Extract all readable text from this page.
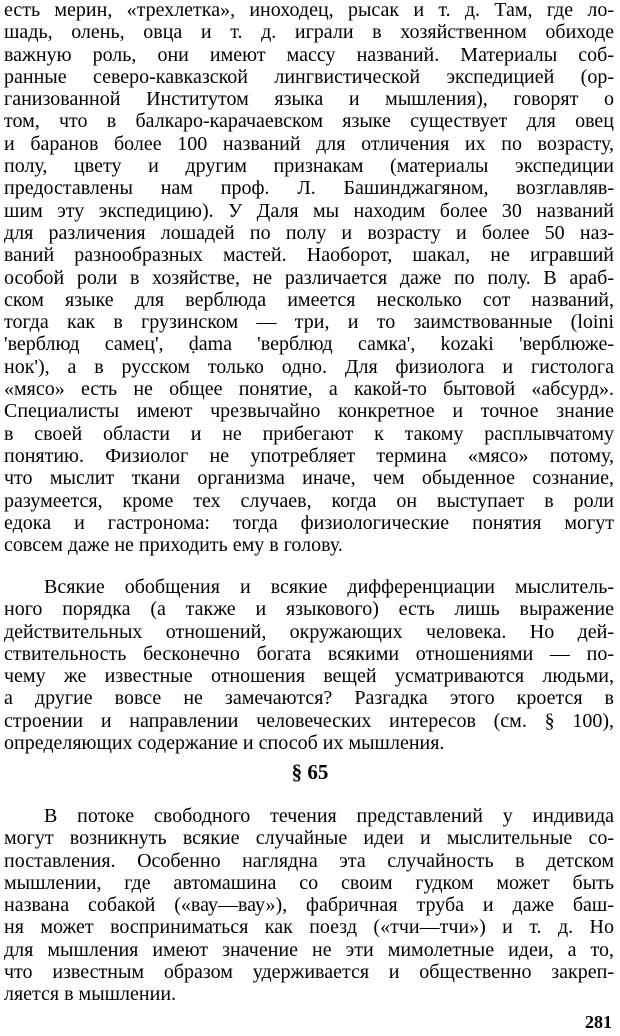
есть мерин, «трехлетка», иноходец, рысак и т. д. Там, где ло-
шадь, олень, овца и т. д. играли в хозяйственном обиходе
важную роль, они имеют массу названий. Материалы соб-
ранные северо-кавказской лингвистической экспедицией (ор-
ганизованной Институтом языка и мышления), говорят о
том, что в балкаро-карачаевском языке существует для овец
и баранов более 100 названий для отличения их по возрасту,
полу, цвету и другим признакам (материалы экспедиции
предоставлены нам проф. Л. Башинджагяном, возглавляв-
шим эту экспедицию). У Даля мы находим более 30 названий
для различения лошадей по полу и возрасту и более 50 наз-
ваний разнообразных мастей. Наоборот, шакал, не игравший
особой роли в хозяйстве, не различается даже по полу. В араб-
ском языке для верблюда имеется несколько сот названий,
тогда как в грузинском — три, и то заимствованные (loini
'верблюд самец', ḍama 'верблюд самка', kozaki 'верблюже-
нок'), а в русском только одно. Для физиолога и гистолога
«мясо» есть не общее понятие, а какой-то бытовой «абсурд».
Специалисты имеют чрезвычайно конкретное и точное знание
в своей области и не прибегают к такому расплывчатому
понятию. Физиолог не употребляет термина «мясо» потому,
что мыслит ткани организма иначе, чем обыденное сознание,
разумеется, кроме тех случаев, когда он выступает в роли
едока и гастронома: тогда физиологические понятия могут
совсем даже не приходить ему в голову.
Всякие обобщения и всякие дифференциации мыслитель-
ного порядка (а также и языкового) есть лишь выражение
действительных отношений, окружающих человека. Но дей-
ствительность бесконечно богата всякими отношениями — по-
чему же известные отношения вещей усматриваются людьми,
а другие вовсе не замечаются? Разгадка этого кроется в
строении и направлении человеческих интересов (см. § 100),
определяющих содержание и способ их мышления.
§ 65
В потоке свободного течения представлений у индивида
могут возникнуть всякие случайные идеи и мыслительные со-
поставления. Особенно наглядна эта случайность в детском
мышлении, где автомашина со своим гудком может быть
названа собакой («вау—вау»), фабричная труба и даже баш-
ня может восприниматься как поезд («тчи—тчи») и т. д. Но
для мышления имеют значение не эти мимолетные идеи, а то,
что известным образом удерживается и общественно закреп-
ляется в мышлении.
281
